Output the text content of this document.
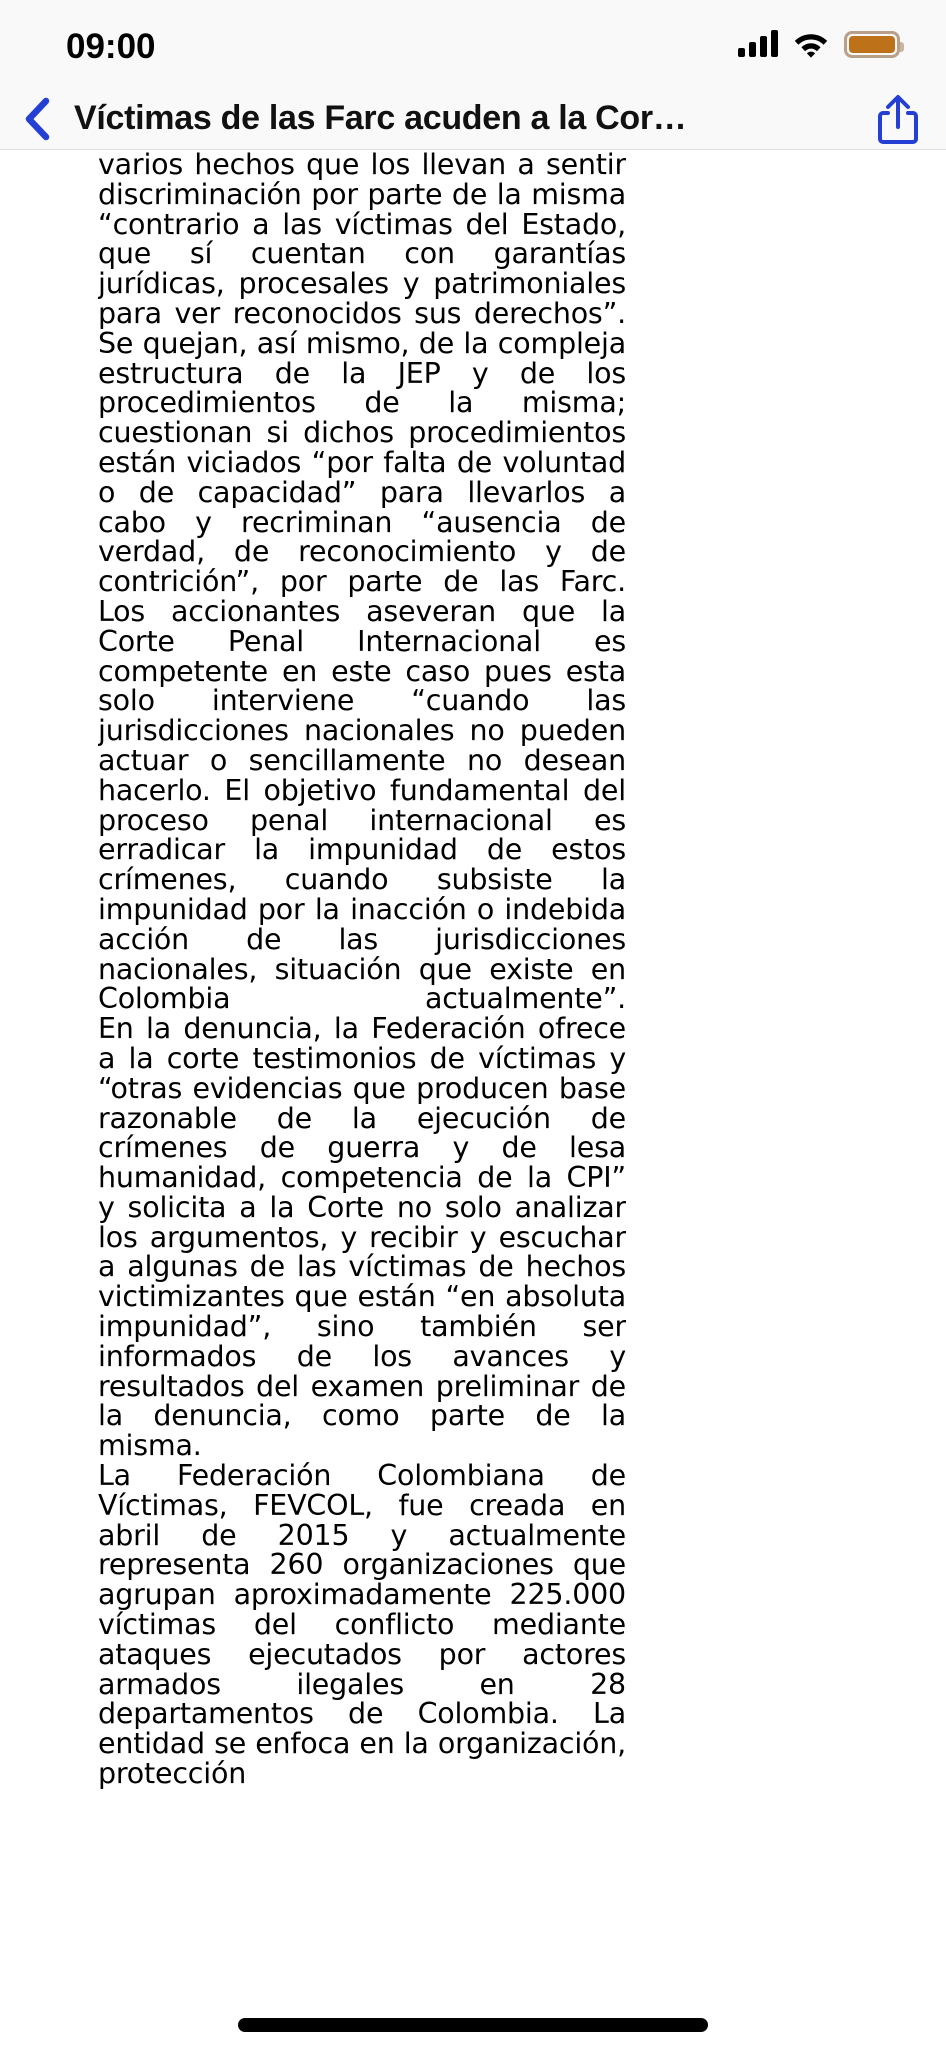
09:00
Víctimas de las Farc acuden a la Cor…

varios hechos que los llevan a sentir discriminación por parte de la misma “contrario a las víctimas del Estado, que sí cuentan con garantías jurídicas, procesales y patrimoniales para ver reconocidos sus derechos”. Se quejan, así mismo, de la compleja estructura de la JEP y de los procedimientos de la misma; cuestionan si dichos procedimientos están viciados “por falta de voluntad o de capacidad” para llevarlos a cabo y recriminan “ausencia de verdad, de reconocimiento y de contrición”, por parte de las Farc.

Los accionantes aseveran que la Corte Penal Internacional es competente en este caso pues esta solo interviene “cuando las jurisdicciones nacionales no pueden actuar o sencillamente no desean hacerlo. El objetivo fundamental del proceso penal internacional es erradicar la impunidad de estos crímenes, cuando subsiste la impunidad por la inacción o indebida acción de las jurisdicciones nacionales, situación que existe en Colombia actualmente”.

En la denuncia, la Federación ofrece a la corte testimonios de víctimas y “otras evidencias que producen base razonable de la ejecución de crímenes de guerra y de lesa humanidad, competencia de la CPI” y solicita a la Corte no solo analizar los argumentos, y recibir y escuchar a algunas de las víctimas de hechos victimizantes que están “en absoluta impunidad”, sino también ser informados de los avances y resultados del examen preliminar de la denuncia, como parte de la misma.

La Federación Colombiana de Víctimas, FEVCOL, fue creada en abril de 2015 y actualmente representa 260 organizaciones que agrupan aproximadamente 225.000 víctimas del conflicto mediante ataques ejecutados por actores armados ilegales en 28 departamentos de Colombia. La entidad se enfoca en la organización, protección
